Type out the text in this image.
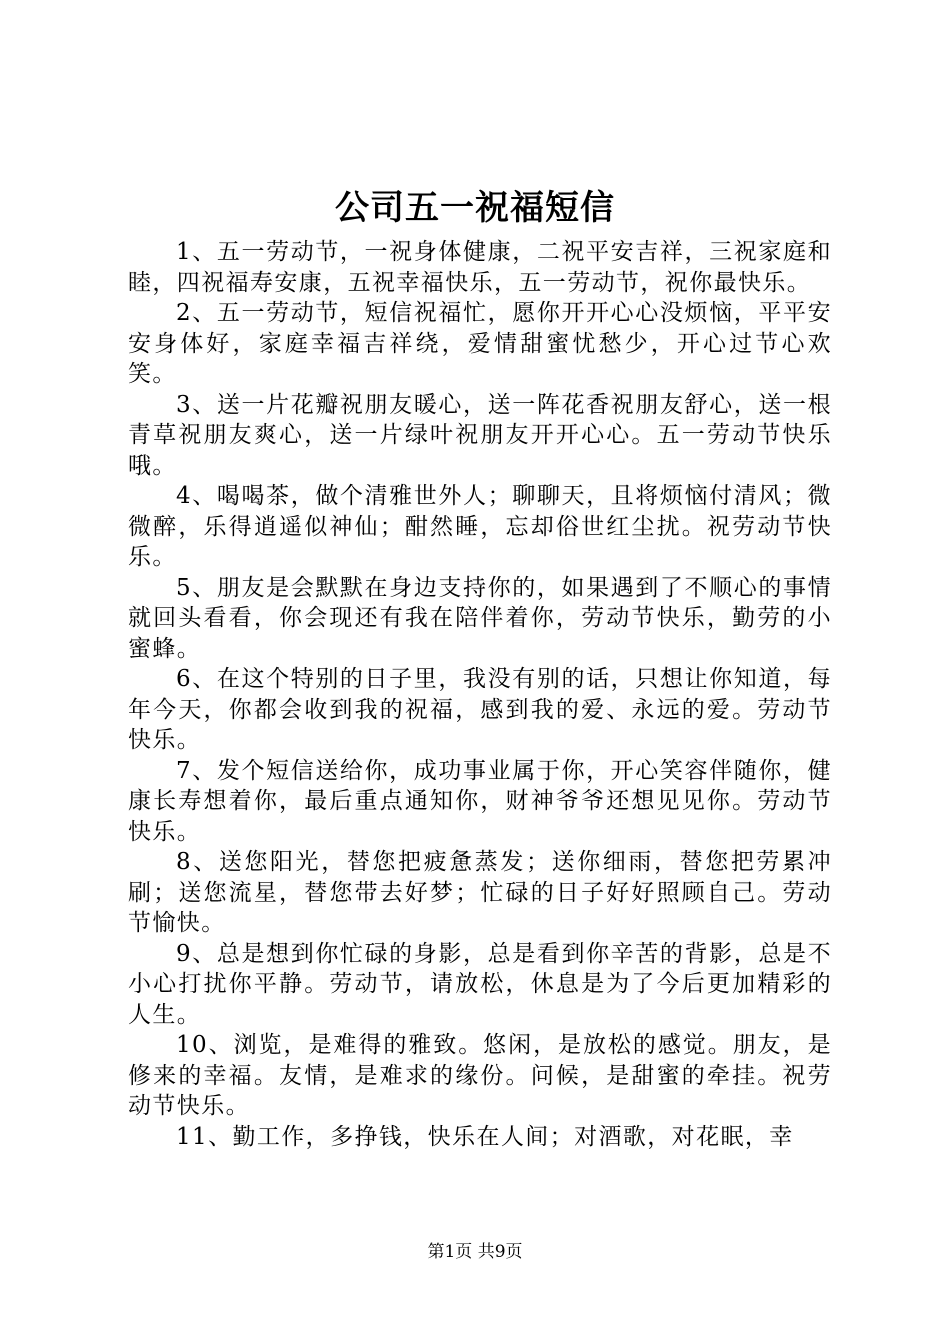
公司五一祝福短信

1、五一劳动节，一祝身体健康，二祝平安吉祥，三祝家庭和睦，四祝福寿安康，五祝幸福快乐，五一劳动节，祝你最快乐。

2、五一劳动节，短信祝福忙，愿你开开心心没烦恼，平平安安身体好，家庭幸福吉祥绕，爱情甜蜜忧愁少，开心过节心欢笑。

3、送一片花瓣祝朋友暖心，送一阵花香祝朋友舒心，送一根青草祝朋友爽心，送一片绿叶祝朋友开开心心。五一劳动节快乐哦。

4、喝喝茶，做个清雅世外人；聊聊天，且将烦恼付清风；微微醉，乐得逍遥似神仙；酣然睡，忘却俗世红尘扰。祝劳动节快乐。

5、朋友是会默默在身边支持你的，如果遇到了不顺心的事情就回头看看，你会现还有我在陪伴着你，劳动节快乐，勤劳的小蜜蜂。

6、在这个特别的日子里，我没有别的话，只想让你知道，每年今天，你都会收到我的祝福，感到我的爱、永远的爱。劳动节快乐。

7、发个短信送给你，成功事业属于你，开心笑容伴随你，健康长寿想着你，最后重点通知你，财神爷爷还想见见你。劳动节快乐。

8、送您阳光，替您把疲惫蒸发；送你细雨，替您把劳累冲刷；送您流星，替您带去好梦；忙碌的日子好好照顾自己。劳动节愉快。

9、总是想到你忙碌的身影，总是看到你辛苦的背影，总是不小心打扰你平静。劳动节，请放松，休息是为了今后更加精彩的人生。

10、浏览，是难得的雅致。悠闲，是放松的感觉。朋友，是修来的幸福。友情，是难求的缘份。问候，是甜蜜的牵挂。祝劳动节快乐。

11、勤工作，多挣钱，快乐在人间；对酒歌，对花眠，幸

第1页 共9页
